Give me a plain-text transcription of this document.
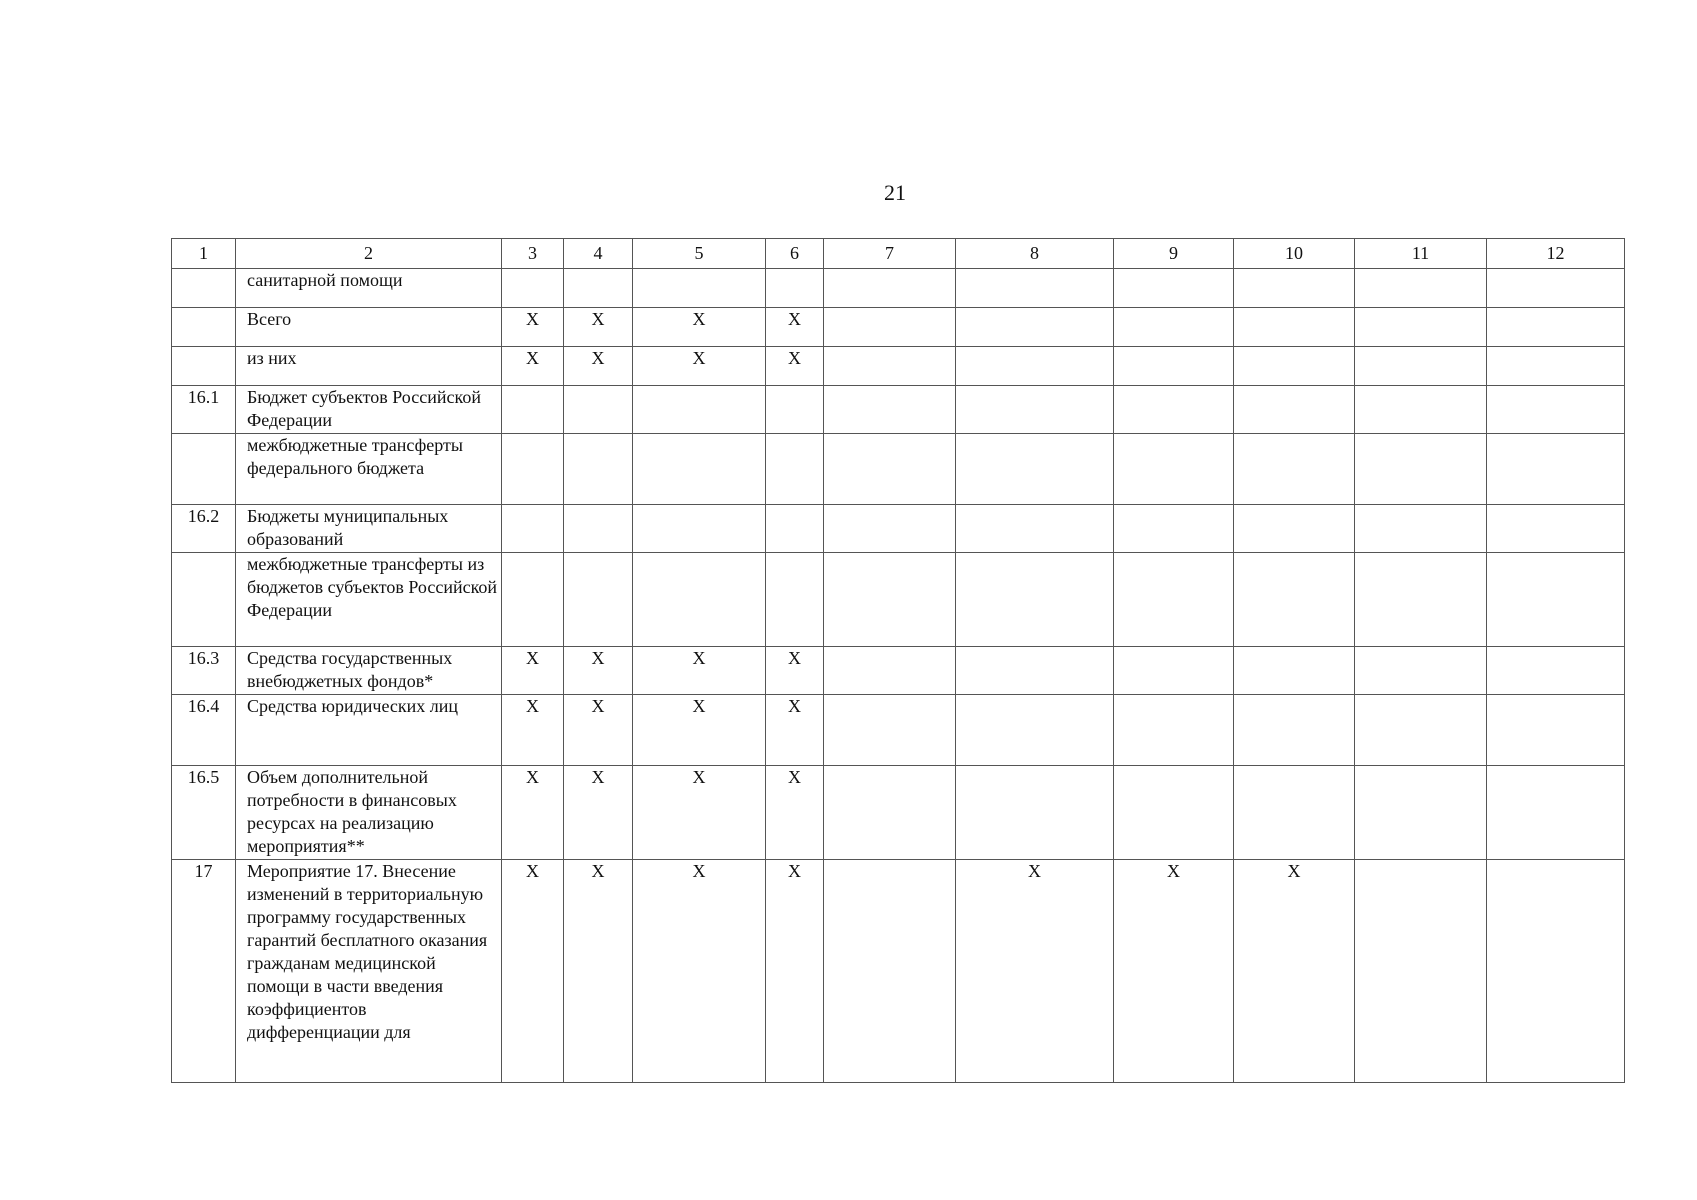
21
1	2	3	4	5	6	7	8	9	10	11	12
	санитарной помощи										
	Всего	X	X	X	X						
	из них	X	X	X	X						
16.1	Бюджет субъектов Российской Федерации										
	межбюджетные трансферты федерального бюджета										
16.2	Бюджеты муниципальных образований										
	межбюджетные трансферты из бюджетов субъектов Российской Федерации										
16.3	Средства государственных внебюджетных фондов*	X	X	X	X						
16.4	Средства юридических лиц	X	X	X	X						
16.5	Объем дополнительной потребности в финансовых ресурсах на реализацию мероприятия**	X	X	X	X						
17	Мероприятие 17. Внесение изменений в территориальную программу государственных гарантий бесплатного оказания гражданам медицинской помощи в части введения коэффициентов дифференциации для	X	X	X	X		X	X	X		
